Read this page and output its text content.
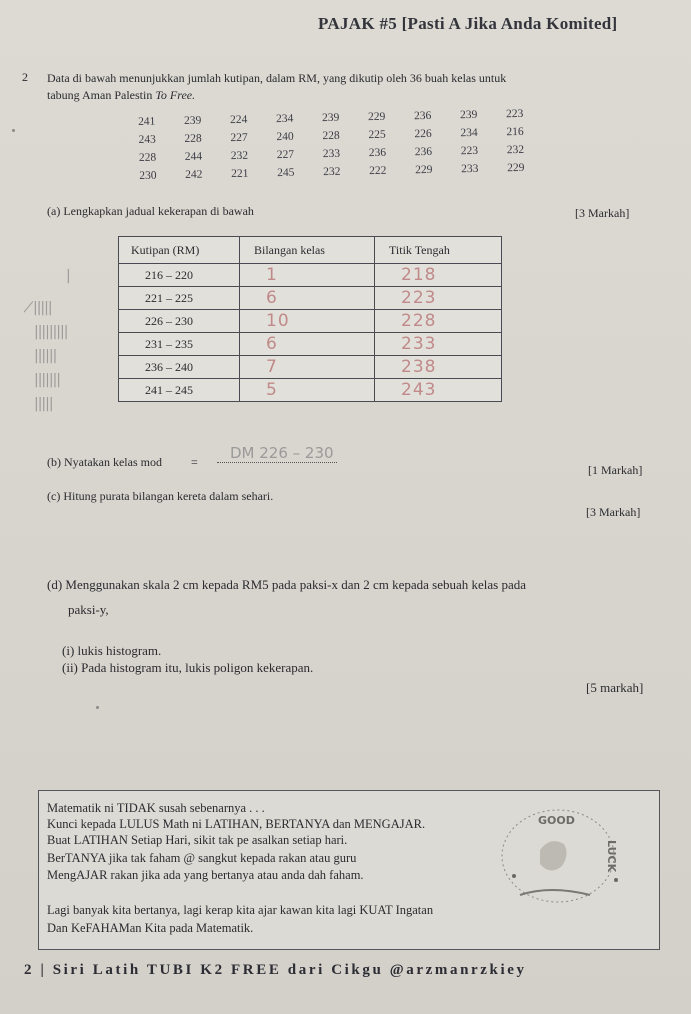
PAJAK #5 [Pasti A Jika Anda Komited]
2 Data di bawah menunjukkan jumlah kutipan, dalam RM, yang dikutip oleh 36 buah kelas untuk
tabung Aman Palestin To Free.
241	239	224	234	239	229	236	239	223
243	228	227	240	228	225	226	234	216
228	244	232	227	233	236	236	223	232
230	242	221	245	232	222	229	233	229
(a) Lengkapkan jadual kekerapan di bawah	[3 Markah]
|
̸|||||
|||||||||
||||||
|||||||
|||||
Kutipan (RM)	Bilangan kelas	Titik Tengah
216 – 220	1	218
221 – 225	6	223
226 – 230	10	228
231 – 235	6	233
236 – 240	7	238
241 – 245	5	243
(b) Nyatakan kelas mod = DM 226 – 230
[1 Markah]
(c) Hitung purata bilangan kereta dalam sehari.
[3 Markah]
(d) Menggunakan skala 2 cm kepada RM5 pada paksi-x dan 2 cm kepada sebuah kelas pada
paksi-y,
(i) lukis histogram.
(ii) Pada histogram itu, lukis poligon kekerapan.
[5 markah]

Matematik ni TIDAK susah sebenarnya . . .

Kunci kepada LULUS Math ni LATIHAN, BERTANYA dan MENGAJAR.

Buat LATIHAN Setiap Hari, sikit tak pe asalkan setiap hari.

BerTANYA jika tak faham @ sangkut kepada rakan atau guru

MengAJAR rakan jika ada yang bertanya atau anda dah faham.

Lagi banyak kita bertanya, lagi kerap kita ajar kawan kita lagi KUAT Ingatan

Dan KeFAHAMan Kita pada Matematik.

GOOD
LUCK
2 | Siri Latih TUBI K2 FREE dari Cikgu @arzmanrzkiey
